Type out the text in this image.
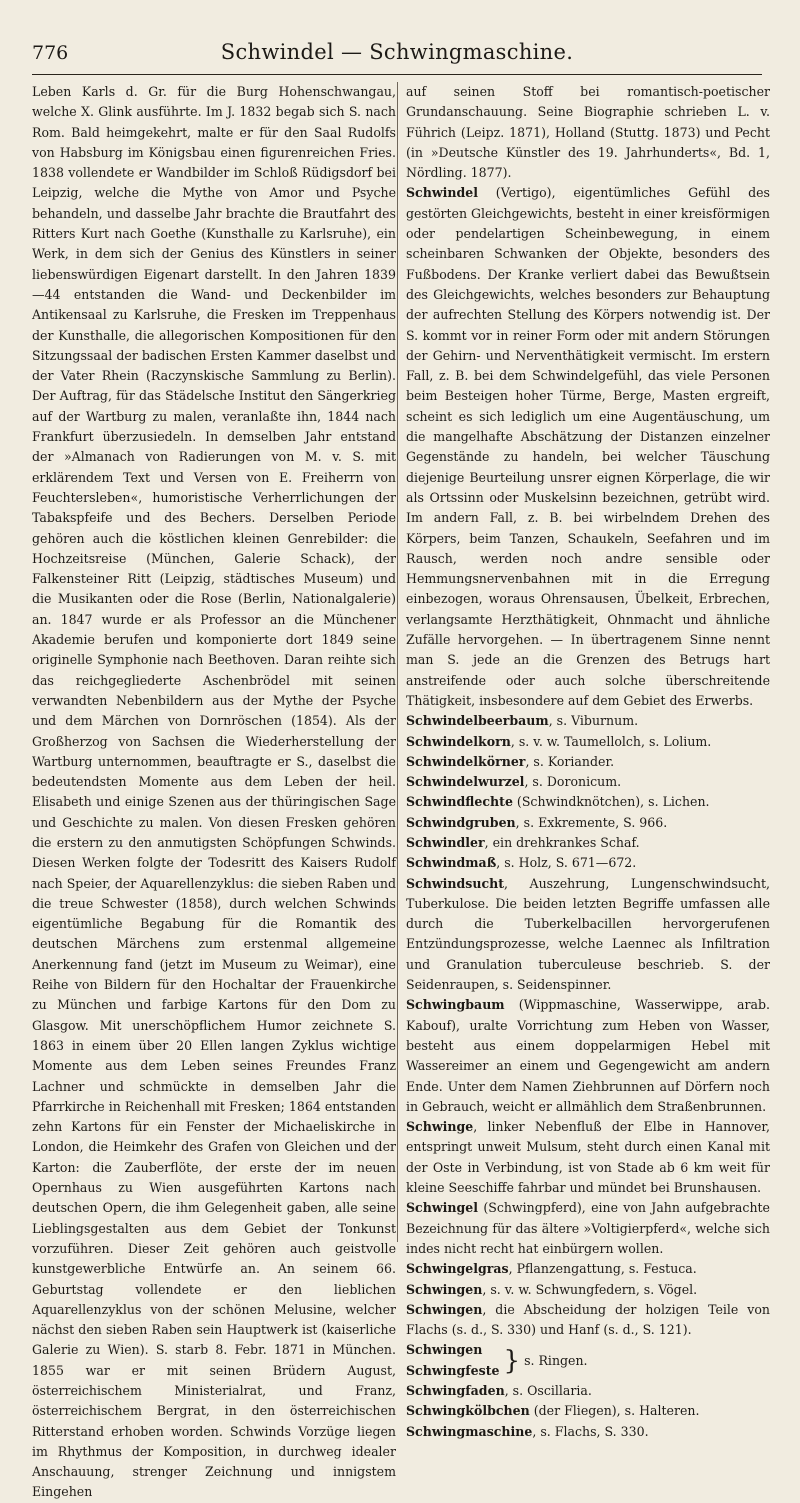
776	Schwindel — Schwingmaschine.

Leben Karls d. Gr. für die Burg Hohenschwangau, welche X. Glink ausführte. Im J. 1832 begab sich S. nach Rom. Bald heimgekehrt, malte er für den Saal Rudolfs von Habsburg im Königsbau einen figurenreichen Fries. 1838 vollendete er Wandbilder im Schloß Rüdigsdorf bei Leipzig, welche die Mythe von Amor und Psyche behandeln, und dasselbe Jahr brachte die Brautfahrt des Ritters Kurt nach Goethe (Kunsthalle zu Karlsruhe), ein Werk, in dem sich der Genius des Künstlers in seiner liebenswürdigen Eigenart darstellt. In den Jahren 1839—44 entstanden die Wand- und Deckenbilder im Antikensaal zu Karlsruhe, die Fresken im Treppenhaus der Kunsthalle, die allegorischen Kompositionen für den Sitzungssaal der badischen Ersten Kammer daselbst und der Vater Rhein (Raczynskische Sammlung zu Berlin). Der Auftrag, für das Städelsche Institut den Sängerkrieg auf der Wartburg zu malen, veranlaßte ihn, 1844 nach Frankfurt überzusiedeln. In demselben Jahr entstand der »Almanach von Radierungen von M. v. S. mit erklärendem Text und Versen von E. Freiherrn von Feuchtersleben«, humoristische Verherrlichungen der Tabakspfeife und des Bechers. Derselben Periode gehören auch die köstlichen kleinen Genrebilder: die Hochzeitsreise (München, Galerie Schack), der Falkensteiner Ritt (Leipzig, städtisches Museum) und die Musikanten oder die Rose (Berlin, Nationalgalerie) an. 1847 wurde er als Professor an die Münchener Akademie berufen und komponierte dort 1849 seine originelle Symphonie nach Beethoven. Daran reihte sich das reichgegliederte Aschenbrödel mit seinen verwandten Nebenbildern aus der Mythe der Psyche und dem Märchen von Dornröschen (1854). Als der Großherzog von Sachsen die Wiederherstellung der Wartburg unternommen, beauftragte er S., daselbst die bedeutendsten Momente aus dem Leben der heil. Elisabeth und einige Szenen aus der thüringischen Sage und Geschichte zu malen. Von diesen Fresken gehören die erstern zu den anmutigsten Schöpfungen Schwinds. Diesen Werken folgte der Todesritt des Kaisers Rudolf nach Speier, der Aquarellenzyklus: die sieben Raben und die treue Schwester (1858), durch welchen Schwinds eigentümliche Begabung für die Romantik des deutschen Märchens zum erstenmal allgemeine Anerkennung fand (jetzt im Museum zu Weimar), eine Reihe von Bildern für den Hochaltar der Frauenkirche zu München und farbige Kartons für den Dom zu Glasgow. Mit unerschöpflichem Humor zeichnete S. 1863 in einem über 20 Ellen langen Zyklus wichtige Momente aus dem Leben seines Freundes Franz Lachner und schmückte in demselben Jahr die Pfarrkirche in Reichenhall mit Fresken; 1864 entstanden zehn Kartons für ein Fenster der Michaeliskirche in London, die Heimkehr des Grafen von Gleichen und der Karton: die Zauberflöte, der erste der im neuen Opernhaus zu Wien ausgeführten Kartons nach deutschen Opern, die ihm Gelegenheit gaben, alle seine Lieblingsgestalten aus dem Gebiet der Tonkunst vorzuführen. Dieser Zeit gehören auch geistvolle kunstgewerbliche Entwürfe an. An seinem 66. Geburtstag vollendete er den lieblichen Aquarellenzyklus von der schönen Melusine, welcher nächst den sieben Raben sein Hauptwerk ist (kaiserliche Galerie zu Wien). S. starb 8. Febr. 1871 in München. 1855 war er mit seinen Brüdern August, österreichischem Ministerialrat, und Franz, österreichischem Bergrat, in den österreichischen Ritterstand erhoben worden. Schwinds Vorzüge liegen im Rhythmus der Komposition, in durchweg idealer Anschauung, strenger Zeichnung und innigstem Eingehen

auf seinen Stoff bei romantisch-poetischer Grundanschauung. Seine Biographie schrieben L. v. Führich (Leipz. 1871), Holland (Stuttg. 1873) und Pecht (in »Deutsche Künstler des 19. Jahrhunderts«, Bd. 1, Nördling. 1877).

Schwindel (Vertigo), eigentümliches Gefühl des gestörten Gleichgewichts, besteht in einer kreisförmigen oder pendelartigen Scheinbewegung, in einem scheinbaren Schwanken der Objekte, besonders des Fußbodens. Der Kranke verliert dabei das Bewußtsein des Gleichgewichts, welches besonders zur Behauptung der aufrechten Stellung des Körpers notwendig ist. Der S. kommt vor in reiner Form oder mit andern Störungen der Gehirn- und Nerventhätigkeit vermischt. Im erstern Fall, z. B. bei dem Schwindelgefühl, das viele Personen beim Besteigen hoher Türme, Berge, Masten ergreift, scheint es sich lediglich um eine Augentäuschung, um die mangelhafte Abschätzung der Distanzen einzelner Gegenstände zu handeln, bei welcher Täuschung diejenige Beurteilung unsrer eignen Körperlage, die wir als Ortssinn oder Muskelsinn bezeichnen, getrübt wird. Im andern Fall, z. B. bei wirbelndem Drehen des Körpers, beim Tanzen, Schaukeln, Seefahren und im Rausch, werden noch andre sensible oder Hemmungsnervenbahnen mit in die Erregung einbezogen, woraus Ohrensausen, Übelkeit, Erbrechen, verlangsamte Herzthätigkeit, Ohnmacht und ähnliche Zufälle hervorgehen. — In übertragenem Sinne nennt man S. jede an die Grenzen des Betrugs hart anstreifende oder auch solche überschreitende Thätigkeit, insbesondere auf dem Gebiet des Erwerbs.

Schwindelbeerbaum, s. Viburnum.

Schwindelkorn, s. v. w. Taumellolch, s. Lolium.

Schwindelkörner, s. Koriander.

Schwindelwurzel, s. Doronicum.

Schwindflechte (Schwindknötchen), s. Lichen.

Schwindgruben, s. Exkremente, S. 966.

Schwindler, ein drehkrankes Schaf.

Schwindmaß, s. Holz, S. 671—672.

Schwindsucht, Auszehrung, Lungenschwindsucht, Tuberkulose. Die beiden letzten Begriffe umfassen alle durch die Tuberkelbacillen hervorgerufenen Entzündungsprozesse, welche Laennec als Infiltration und Granulation tuberculeuse beschrieb. S. der Seidenraupen, s. Seidenspinner.

Schwingbaum (Wippmaschine, Wasserwippe, arab. Kabouf), uralte Vorrichtung zum Heben von Wasser, besteht aus einem doppelarmigen Hebel mit Wassereimer an einem und Gegengewicht am andern Ende. Unter dem Namen Ziehbrunnen auf Dörfern noch in Gebrauch, weicht er allmählich dem Straßenbrunnen.

Schwinge, linker Nebenfluß der Elbe in Hannover, entspringt unweit Mulsum, steht durch einen Kanal mit der Oste in Verbindung, ist von Stade ab 6 km weit für kleine Seeschiffe fahrbar und mündet bei Brunshausen.

Schwingel (Schwingpferd), eine von Jahn aufgebrachte Bezeichnung für das ältere »Voltigierpferd«, welche sich indes nicht recht hat einbürgern wollen.

Schwingelgras, Pflanzengattung, s. Festuca.

Schwingen, s. v. w. Schwungfedern, s. Vögel.

Schwingen, die Abscheidung der holzigen Teile von Flachs (s. d., S. 330) und Hanf (s. d., S. 121).

Schwingen
Schwingfeste } s. Ringen.

Schwingfaden, s. Oscillaria.

Schwingkölbchen (der Fliegen), s. Halteren.

Schwingmaschine, s. Flachs, S. 330.
